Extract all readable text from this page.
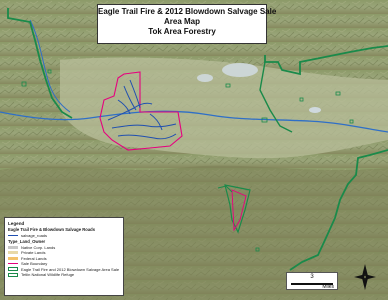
Eagle Trail Fire & 2012 Blowdown Salvage Sale
Area Map
Tok Area Forestry
Legend
Eagle Trail Fire & Blowdown Salvage Roads
salvage_roads
Type_Land_Owner
Native Corp. Lands
Private Lands
Federal Lands
Sale Boundary
Eagle Trail Fire and 2012 Blowdown Salvage Area Sale
Tetlin National Wildlife Refuge	3
Miles
